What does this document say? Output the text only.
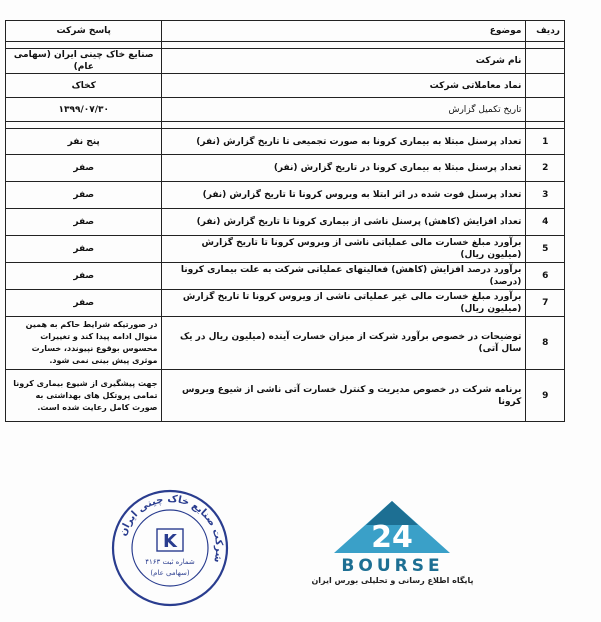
ردیف	موضوع	پاسخ شرکت

	نام شرکت	صنایع خاک چینی ایران (سهامی عام)
	نماد معاملاتی شرکت	کخاک
	تاریخ تکمیل گزارش	۱۳۹۹/۰۷/۳۰

1	تعداد پرسنل مبتلا به بیماری کرونا به صورت تجمیعی تا تاریخ گزارش (نفر)	پنج نفر
2	تعداد پرسنل مبتلا به بیماری کرونا در تاریخ گزارش (نفر)	صفر
3	تعداد پرسنل فوت شده در اثر ابتلا به ویروس کرونا تا تاریخ گزارش (نفر)	صفر
4	تعداد افزایش (کاهش) پرسنل ناشی از بیماری کرونا تا تاریخ گزارش (نفر)	صفر
5	برآورد مبلغ خسارت مالی عملیاتی ناشی از ویروس کرونا تا تاریخ گزارش (میلیون ریال)	صفر
6	برآورد درصد افزایش (کاهش) فعالیتهای عملیاتی شرکت به علت بیماری کرونا (درصد)	صفر
7	برآورد مبلغ خسارت مالی غیر عملیاتی ناشی از ویروس کرونا تا تاریخ گزارش (میلیون ریال)	صفر
8	توضیحات در خصوص برآورد شرکت از میزان خسارت آینده (میلیون ریال در یک سال آتی)	در صورتیکه شرایط حاکم به همین منوال ادامه پیدا کند و تغییرات محسوس بوقوع نپیوندد، خسارت موثری پیش بینی نمی شود.
9	برنامه شرکت در خصوص مدیریت و کنترل خسارت آتی ناشی از شیوع ویروس کرونا	جهت پیشگیری از شیوع بیماری کرونا تمامی پروتکل های بهداشتی به صورت کامل رعایت شده است.
شرکت صنایع خاک چینی ایران
K
شماره ثبت ۴۱۶۳
(سهامی عام)
24
BOURSE
پایگاه اطلاع رسانی و تحلیلی بورس ایران
